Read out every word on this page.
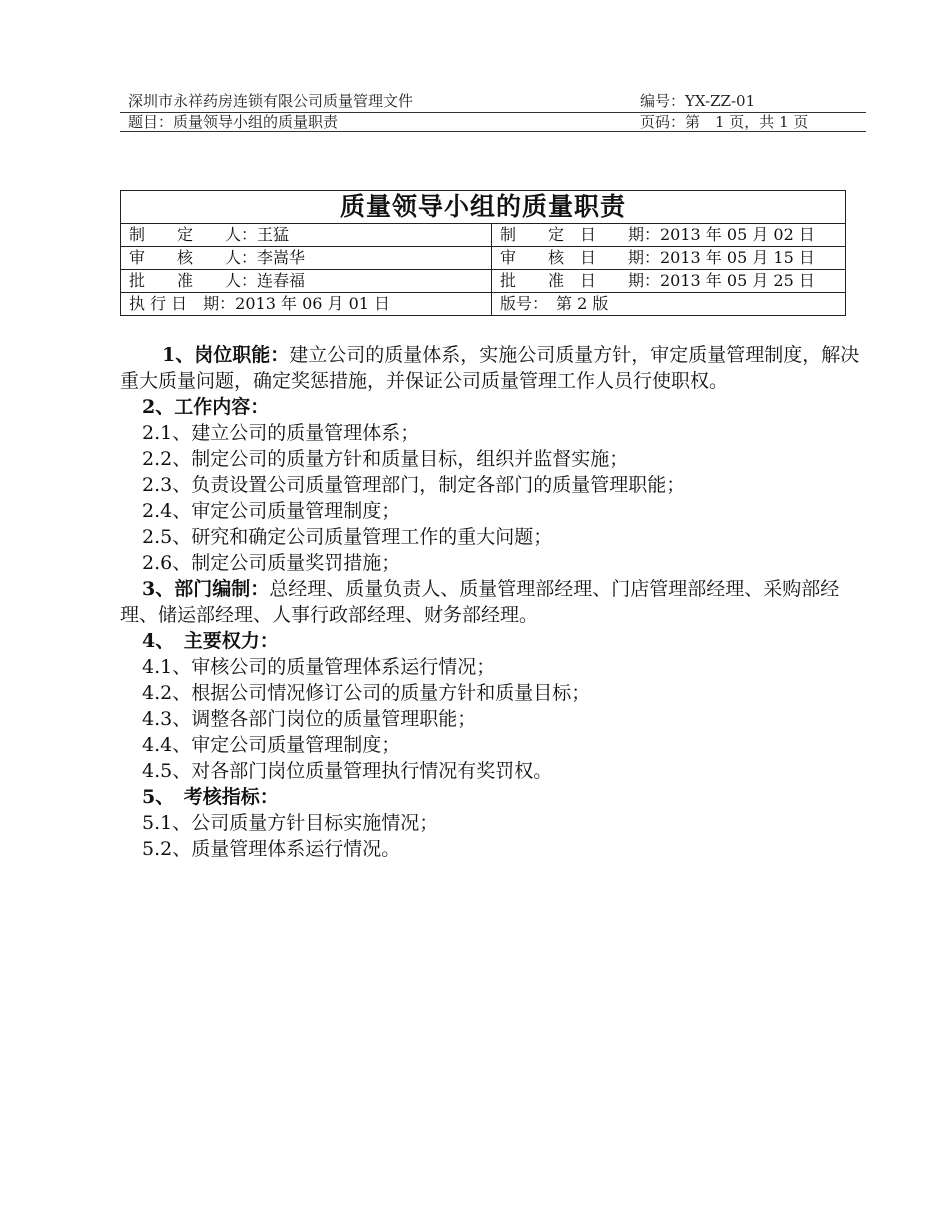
深圳市永祥药房连锁有限公司质量管理文件	编号：YX-ZZ-01
题目：质量领导小组的质量职责	页码：第　1 页，共 1 页
质量领导小组的质量职责	
制　　定　　人：王猛	制　　定　日　　期：2013 年 05 月 02 日
审　　核　　人：李嵩华	审　　核　日　　期：2013 年 05 月 15 日
批　　准　　人：连春福	批　　准　日　　期：2013 年 05 月 25 日
执 行 日　期：2013 年 06 月 01 日	版号：　第 2 版

1、岗位职能：建立公司的质量体系，实施公司质量方针，审定质量管理制度，解决重大质量问题，确定奖惩措施，并保证公司质量管理工作人员行使职权。

2、工作内容：

2.1、建立公司的质量管理体系；

2.2、制定公司的质量方针和质量目标，组织并监督实施；

2.3、负责设置公司质量管理部门，制定各部门的质量管理职能；

2.4、审定公司质量管理制度；

2.5、研究和确定公司质量管理工作的重大问题；

2.6、制定公司质量奖罚措施；

3、部门编制：总经理、质量负责人、质量管理部经理、门店管理部经理、采购部经理、储运部经理、人事行政部经理、财务部经理。

4、　主要权力：

4.1、审核公司的质量管理体系运行情况；

4.2、根据公司情况修订公司的质量方针和质量目标；

4.3、调整各部门岗位的质量管理职能；

4.4、审定公司质量管理制度；

4.5、对各部门岗位质量管理执行情况有奖罚权。

5、　考核指标：

5.1、公司质量方针目标实施情况；

5.2、质量管理体系运行情况。
